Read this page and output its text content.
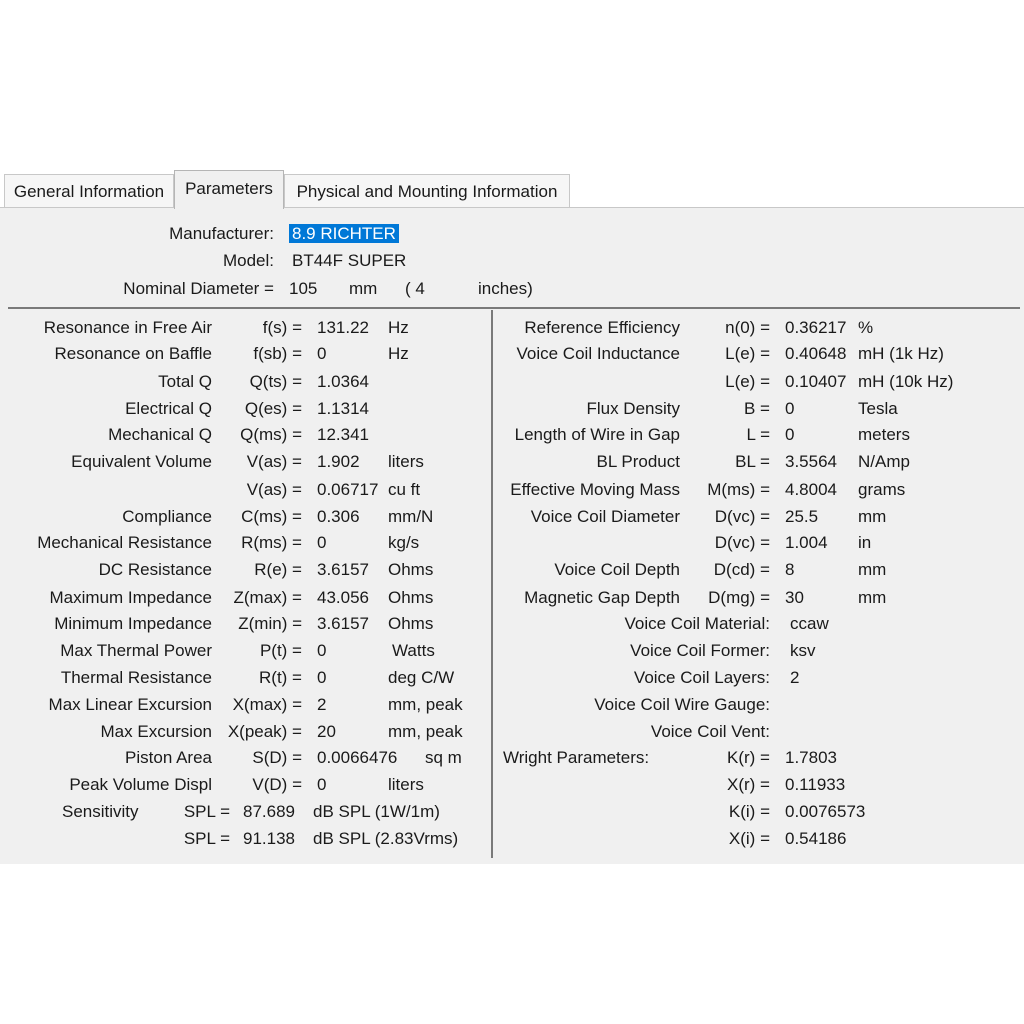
General Information	Parameters	Physical and Mounting Information
Manufacturer: 8.9 RICHTER
Model: BT44F SUPER
Nominal Diameter = 105 mm ( 4	inches)
Resonance in Free Air	f(s) = 131.22 Hz
Resonance on Baffle	f(sb) = 0	Hz
Total Q	Q(ts) = 1.0364
Electrical Q	Q(es) = 1.1314
Mechanical Q	Q(ms) = 12.341
Equivalent Volume	V(as) = 1.902 liters
V(as) = 0.06717 cu ft
Compliance	C(ms) = 0.306 mm/N
Mechanical Resistance	R(ms) = 0	kg/s
DC Resistance	R(e) = 3.6157 Ohms
Maximum Impedance	Z(max) = 43.056 Ohms
Minimum Impedance	Z(min) = 3.6157 Ohms
Max Thermal Power	P(t) = 0	Watts
Thermal Resistance	R(t) = 0	deg C/W
Max Linear Excursion	X(max) = 2	mm, peak
Max Excursion X(peak) = 20	mm, peak
Piston Area	S(D) = 0.0066476 sq m
Peak Volume Displ	V(D) = 0	liters
Sensitivity	SPL = 87.689 dB SPL (1W/1m)
SPL = 91.138 dB SPL (2.83Vrms)
Reference Efficiency	n(0) = 0.36217 %
Voice Coil Inductance	L(e) = 0.40648 mH (1k Hz)
L(e) = 0.10407 mH (10k Hz)
Flux Density	B = 0	Tesla
Length of Wire in Gap	L = 0	meters
BL Product	BL = 3.5564 N/Amp
Effective Moving Mass	M(ms) = 4.8004 grams
Voice Coil Diameter	D(vc) = 25.5 mm
D(vc) = 1.004 in
Voice Coil Depth	D(cd) = 8	mm
Magnetic Gap Depth	D(mg) = 30	mm
Voice Coil Material: ccaw
Voice Coil Former: ksv
Voice Coil Layers: 2
Voice Coil Wire Gauge:
Voice Coil Vent:
Wright Parameters:	K(r) = 1.7803
X(r) = 0.11933
K(i) = 0.0076573
X(i) = 0.54186
